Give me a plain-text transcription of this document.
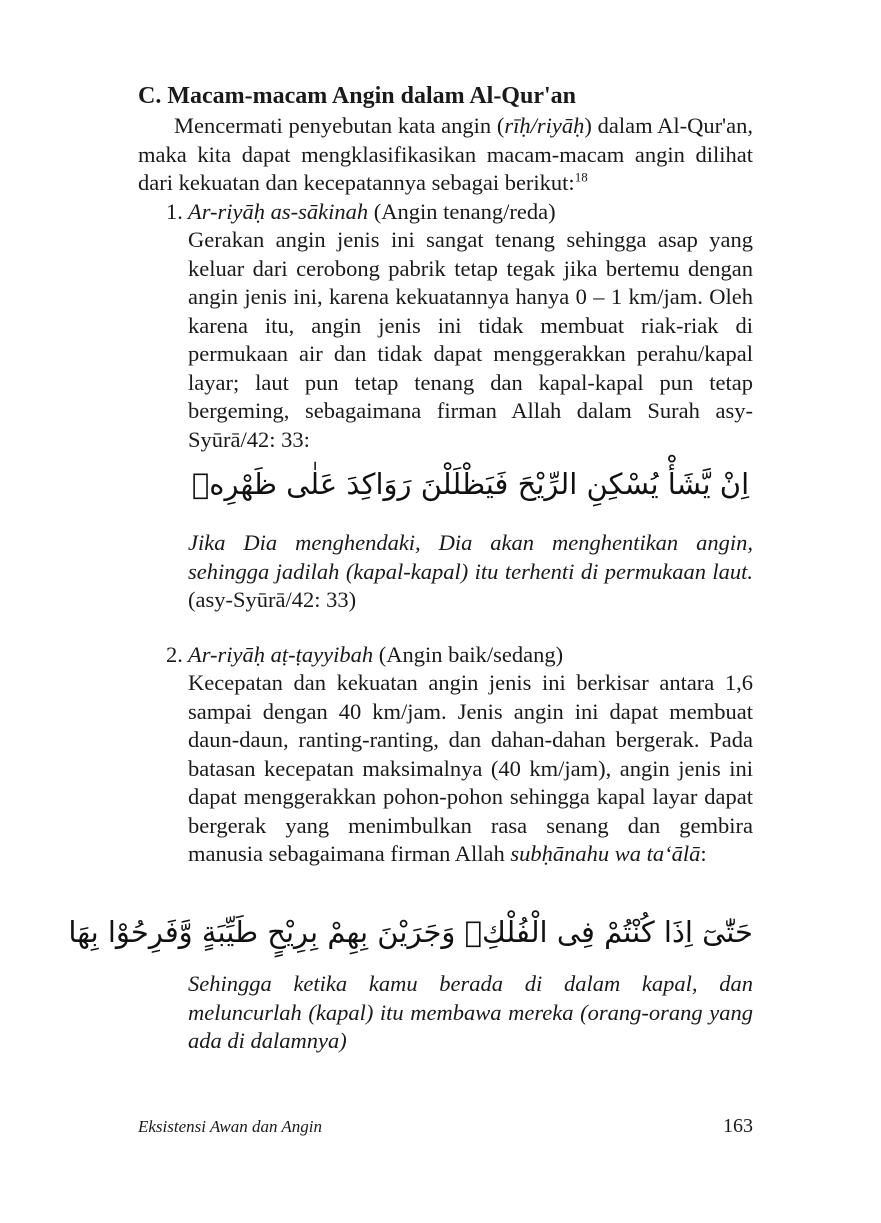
C. Macam-macam Angin dalam Al-Qur'an

Mencermati penyebutan kata angin (rīḥ/riyāḥ) dalam Al-Qur'an, maka kita dapat mengklasifikasikan macam-macam angin dilihat dari kekuatan dan kecepatannya sebagai berikut:$^{18}$

1. Ar-riyāḥ as-sākinah (Angin tenang/reda)

Gerakan angin jenis ini sangat tenang sehingga asap yang keluar dari cerobong pabrik tetap tegak jika bertemu dengan angin jenis ini, karena kekuatannya hanya 0 – 1 km/jam. Oleh karena itu, angin jenis ini tidak membuat riak-riak di permukaan air dan tidak dapat menggerakkan perahu/kapal layar; laut pun tetap tenang dan kapal-kapal pun tetap bergeming, sebagaimana firman Allah dalam Surah asy-Syūrā/42: 33:

اِنْ يَّشَأْ يُسْكِنِ الرِّيْحَ فَيَظْلَلْنَ رَوَاكِدَ عَلٰى ظَهْرِهٖ

Jika Dia menghendaki, Dia akan menghentikan angin, sehingga jadilah (kapal-kapal) itu terhenti di permukaan laut. (asy-Syūrā/42: 33)

2. Ar-riyāḥ aṭ-ṭayyibah (Angin baik/sedang)

Kecepatan dan kekuatan angin jenis ini berkisar antara 1,6 sampai dengan 40 km/jam. Jenis angin ini dapat membuat daun-daun, ranting-ranting, dan dahan-dahan bergerak. Pada batasan kecepatan maksimalnya (40 km/jam), angin jenis ini dapat menggerakkan pohon-pohon sehingga kapal layar dapat bergerak yang menimbulkan rasa senang dan gembira manusia sebagaimana firman Allah subḥānahu wa ta‘ālā:

حَتّٰىٓ اِذَا كُنْتُمْ فِى الْفُلْكِۚ وَجَرَيْنَ بِهِمْ بِرِيْحٍ طَيِّبَةٍ وَّفَرِحُوْا بِهَا

Sehingga ketika kamu berada di dalam kapal, dan meluncurlah (kapal) itu membawa mereka (orang-orang yang ada di dalamnya)

Eksistensi Awan dan Angin	163
